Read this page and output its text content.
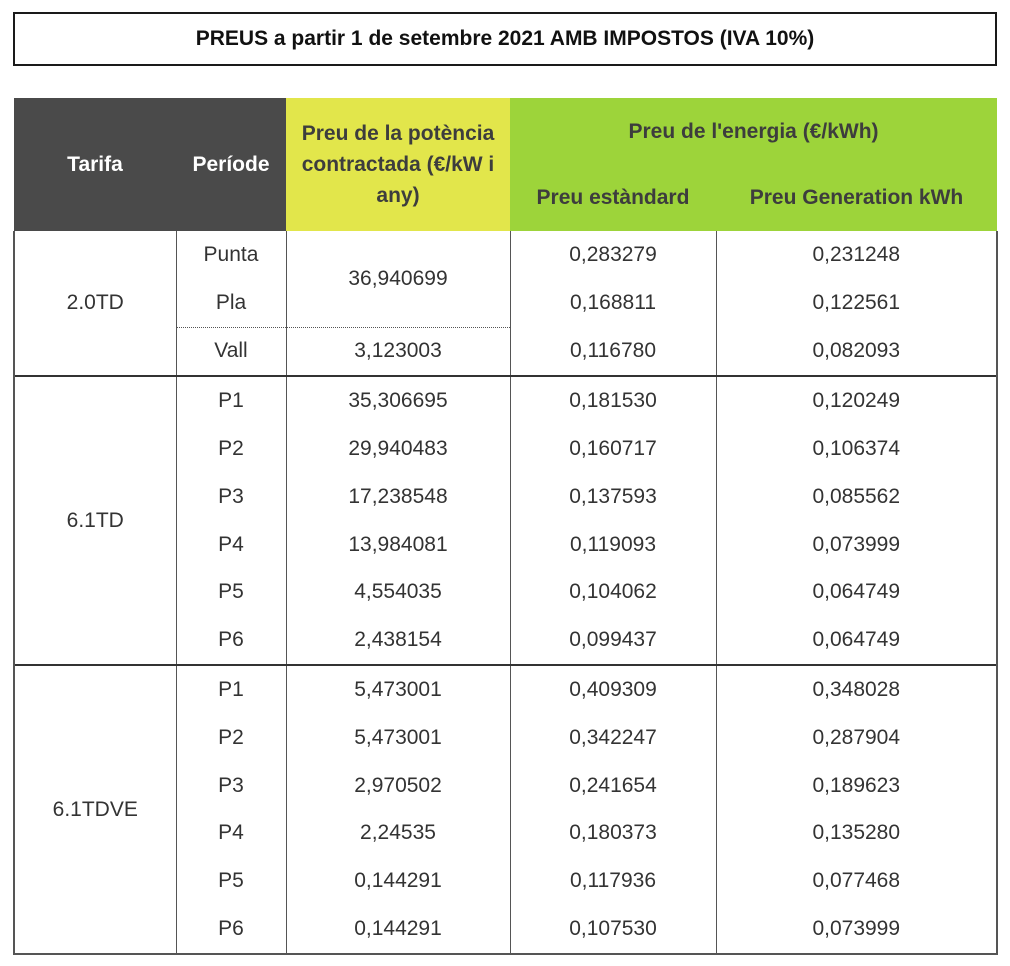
PREUS a partir 1 de setembre 2021 AMB IMPOSTOS (IVA 10%)
Tarifa	Període	Preu de la potència contractada (€/kW i any)	Preu de l'energia (€/kWh)	
			Preu estàndard	Preu Generation kWh
2.0TD	Punta	36,940699	0,283279	0,231248
	Pla		0,168811	0,122561
	Vall	3,123003	0,116780	0,082093
6.1TD	P1	35,306695	0,181530	0,120249
	P2	29,940483	0,160717	0,106374
	P3	17,238548	0,137593	0,085562
	P4	13,984081	0,119093	0,073999
	P5	4,554035	0,104062	0,064749
	P6	2,438154	0,099437	0,064749
6.1TDVE	P1	5,473001	0,409309	0,348028
	P2	5,473001	0,342247	0,287904
	P3	2,970502	0,241654	0,189623
	P4	2,24535	0,180373	0,135280
	P5	0,144291	0,117936	0,077468
	P6	0,144291	0,107530	0,073999
